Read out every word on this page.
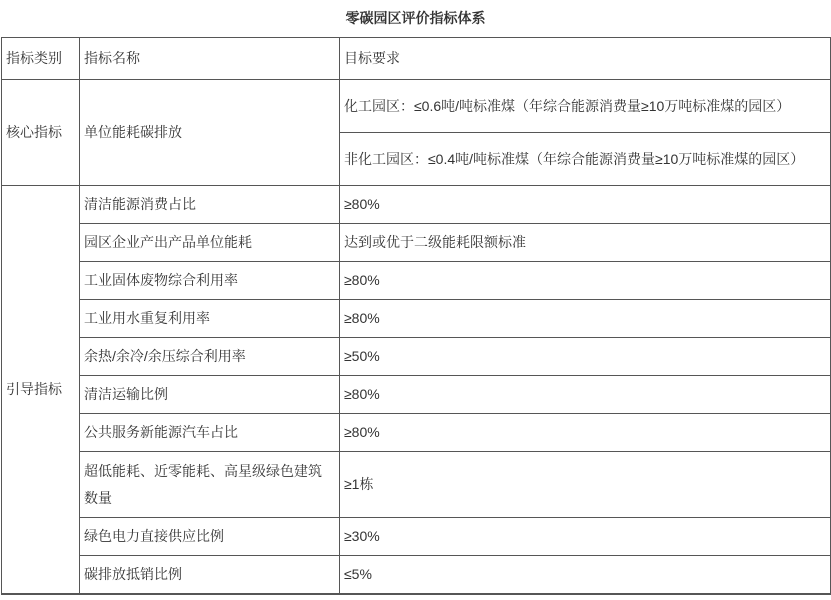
零碳园区评价指标体系
指标类别	指标名称	目标要求
核心指标	单位能耗碳排放	化工园区：≤0.6吨/吨标准煤（年综合能源消费量≥10万吨标准煤的园区）
		非化工园区：≤0.4吨/吨标准煤（年综合能源消费量≥10万吨标准煤的园区）
引导指标	清洁能源消费占比	≥80%
	园区企业产出产品单位能耗	达到或优于二级能耗限额标准
	工业固体废物综合利用率	≥80%
	工业用水重复利用率	≥80%
	余热/余冷/余压综合利用率	≥50%
	清洁运输比例	≥80%
	公共服务新能源汽车占比	≥80%
	超低能耗、近零能耗、高星级绿色建筑数量	≥1栋
	绿色电力直接供应比例	≥30%
	碳排放抵销比例	≤5%
